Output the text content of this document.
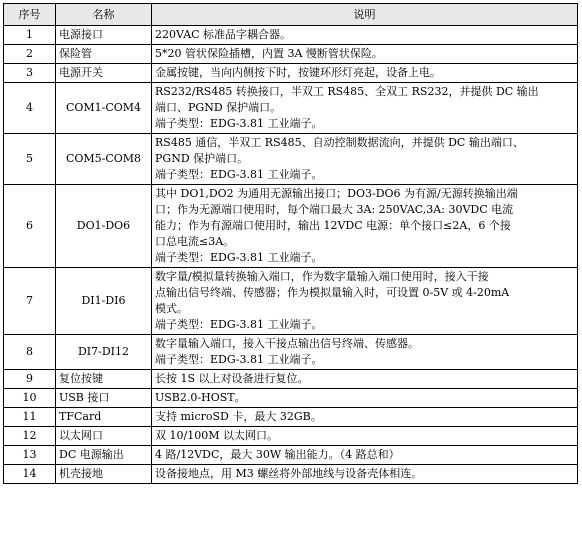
序号	名称	说明
1	电源接口	220VAC 标准品字耦合器。

2	保险管	5*20 管状保险插槽，内置 3A 慢断管状保险。

3	电源开关	金属按键，当向内侧按下时，按键环形灯亮起，设备上电。

4	COM1-COM4	RS232/RS485 转换接口，半双工 RS485、全双工 RS232，并提供 DC 输出

端口、PGND 保护端口。

端子类型：EDG-3.81 工业端子。

5	COM5-COM8	RS485 通信，半双工 RS485、自动控制数据流向，并提供 DC 输出端口、

PGND 保护端口。

端子类型：EDG-3.81 工业端子。

6	DO1-DO6	其中 DO1,DO2 为通用无源输出接口；DO3-DO6 为有源/无源转换输出端

口；作为无源端口使用时，每个端口最大 3A: 250VAC,3A: 30VDC 电流

能力；作为有源端口使用时，输出 12VDC 电源：单个接口≤2A，6 个接

口总电流≤3A。

端子类型：EDG-3.81 工业端子。

7	DI1-DI6	数字量/模拟量转换输入端口，作为数字量输入端口使用时，接入干接

点输出信号终端、传感器；作为模拟量输入时，可设置 0-5V 或 4-20mA

模式。

端子类型：EDG-3.81 工业端子。

8	DI7-DI12	数字量输入端口，接入干接点输出信号终端、传感器。

端子类型：EDG-3.81 工业端子。

9	复位按键	长按 1S 以上对设备进行复位。

10	USB 接口	USB2.0-HOST。

11	TFCard	支持 microSD 卡，最大 32GB。

12	以太网口	双 10/100M 以太网口。

13	DC 电源输出	4 路/12VDC，最大 30W 输出能力。（4 路总和）

14	机壳接地	设备接地点，用 M3 螺丝将外部地线与设备壳体相连。
